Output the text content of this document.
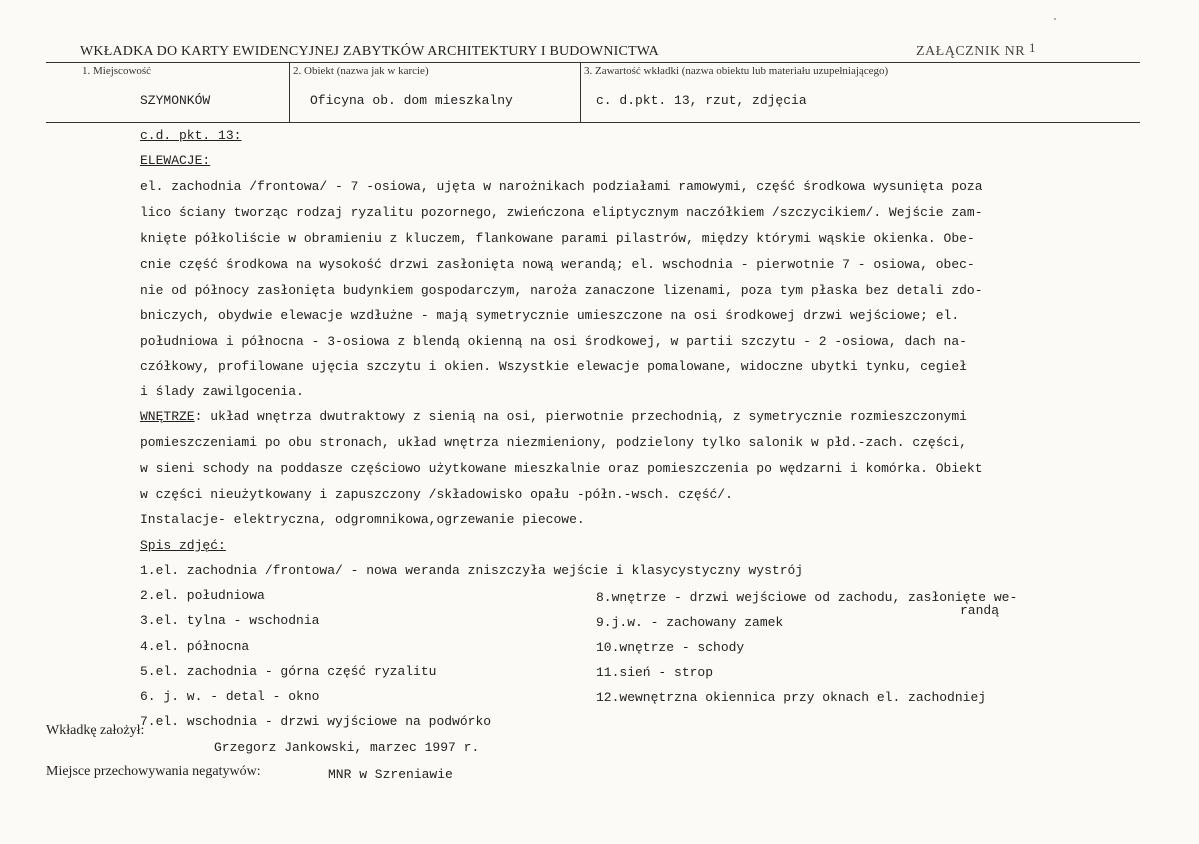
WKŁADKA DO KARTY EWIDENCYJNEJ ZABYTKÓW ARCHITEKTURY I BUDOWNICTWA	ZAŁĄCZNIK NR 1
1. Miejscowość	2. Obiekt (nazwa jak w karcie)	3. Zawartość wkładki (nazwa obiektu lub materiału uzupełniającego)
SZYMONKÓW	Oficyna ob. dom mieszkalny	c. d.pkt. 13, rzut, zdjęcia
c.d. pkt. 13:
ELEWACJE:
el. zachodnia /frontowa/ - 7 -osiowa, ujęta w narożnikach podziałami ramowymi, część środkowa wysunięta poza
lico ściany tworząc rodzaj ryzalitu pozornego, zwieńczona eliptycznym naczółkiem /szczycikiem/. Wejście zam-
knięte półkoliście w obramieniu z kluczem, flankowane parami pilastrów, między którymi wąskie okienka. Obe-
cnie część środkowa na wysokość drzwi zasłonięta nową werandą; el. wschodnia - pierwotnie 7 - osiowa, obec-
nie od północy zasłonięta budynkiem gospodarczym, naroża zanaczone lizenami, poza tym płaska bez detali zdo-
bniczych, obydwie elewacje wzdłużne - mają symetrycznie umieszczone na osi środkowej drzwi wejściowe; el.
południowa i północna - 3-osiowa z blendą okienną na osi środkowej, w partii szczytu - 2 -osiowa, dach na-
czółkowy, profilowane ujęcia szczytu i okien. Wszystkie elewacje pomalowane, widoczne ubytki tynku, cegieł
i ślady zawilgocenia.
WNĘTRZE: układ wnętrza dwutraktowy z sienią na osi, pierwotnie przechodnią, z symetrycznie rozmieszczonymi
pomieszczeniami po obu stronach, układ wnętrza niezmieniony, podzielony tylko salonik w płd.-zach. części,
w sieni schody na poddasze częściowo użytkowane mieszkalnie oraz pomieszczenia po wędzarni i komórka. Obiekt
w części nieużytkowany i zapuszczony /składowisko opału -półn.-wsch. część/.
Instalacje- elektryczna, odgromnikowa,ogrzewanie piecowe.
Spis zdjęć:
1.el. zachodnia /frontowa/ - nowa weranda zniszczyła wejście i klasycystyczny wystrój
2.el. południowa
3.el. tylna - wschodnia
4.el. północna
5.el. zachodnia - górna część ryzalitu
6. j. w. - detal - okno
7.el. wschodnia - drzwi wyjściowe na podwórko
8.wnętrze - drzwi wejściowe od zachodu, zasłonięte we-
randą
9.j.w. - zachowany zamek
10.wnętrze - schody
11.sień - strop
12.wewnętrzna okiennica przy oknach el. zachodniej
Wkładkę założył:
Grzegorz Jankowski, marzec 1997 r.
Miejsce przechowywania negatywów:	MNR w Szreniawie
